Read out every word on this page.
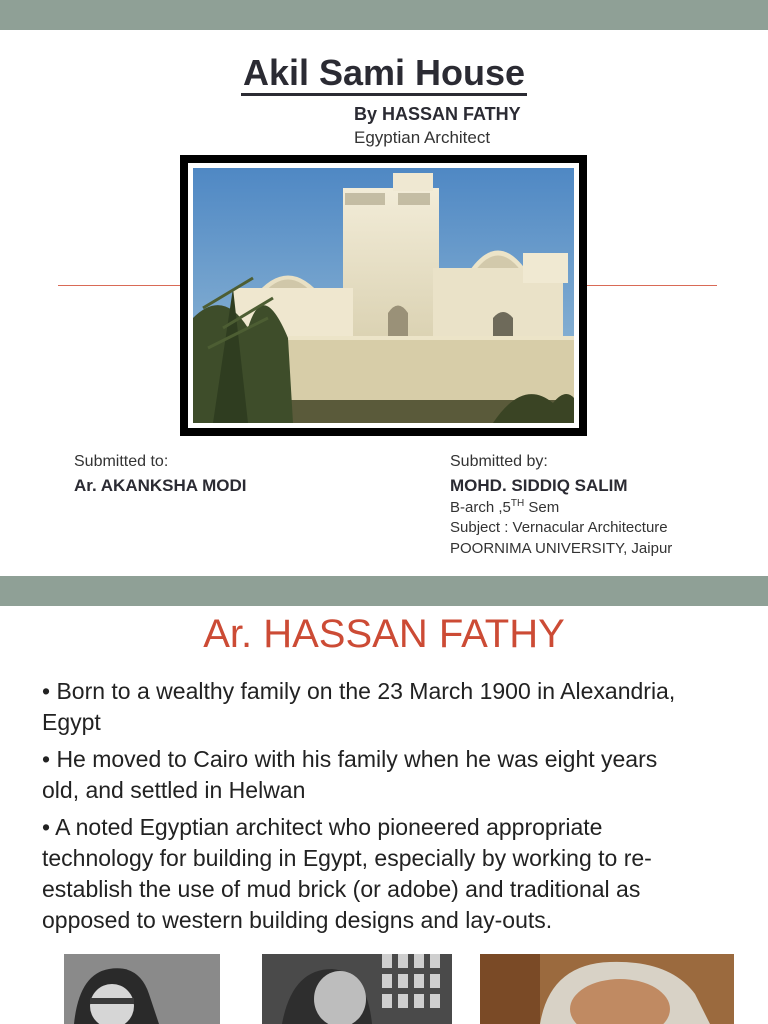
Akil Sami House
By HASSAN FATHY
Egyptian Architect
Submitted to:
Ar. AKANKSHA MODI
Submitted by:
MOHD. SIDDIQ SALIM
B-arch ,5TH Sem
Subject : Vernacular Architecture
POORNIMA UNIVERSITY, Jaipur
Ar. HASSAN FATHY

• Born to a wealthy family on the 23 March 1900 in Alexandria, Egypt

• He moved to Cairo with his family when he was eight years old, and settled in Helwan

• A noted Egyptian architect who pioneered appropriate technology for building in Egypt, especially by working to re-establish the use of mud brick (or adobe) and traditional as opposed to western building designs and lay-outs.
